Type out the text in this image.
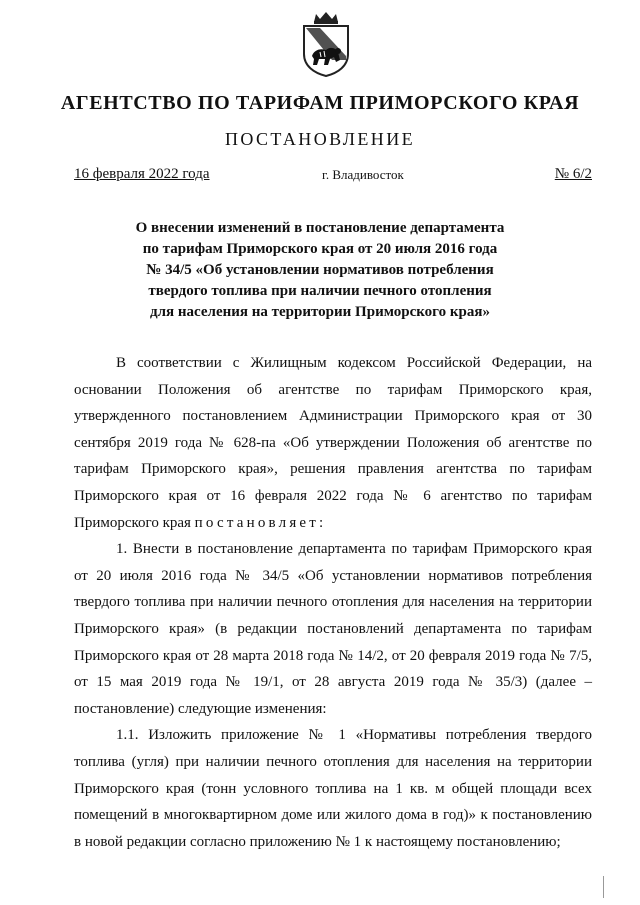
АГЕНТСТВО ПО ТАРИФАМ ПРИМОРСКОГО КРАЯ
ПОСТАНОВЛЕНИЕ
16 февраля 2022 года	г. Владивосток	№ 6/2
О внесении изменений в постановление департамента
по тарифам Приморского края от 20 июля 2016 года
№ 34/5 «Об установлении нормативов потребления
твердого топлива при наличии печного отопления
для населения на территории Приморского края»

В соответствии с Жилищным кодексом Российской Федерации, на основании Положения об агентстве по тарифам Приморского края, утвержденного постановлением Администрации Приморского края от 30 сентября 2019 года № 628-па «Об утверждении Положения об агентстве по тарифам Приморского края», решения правления агентства по тарифам Приморского края от 16 февраля 2022 года № 6 агентство по тарифам Приморского края постановляет:

1. Внести в постановление департамента по тарифам Приморского края от 20 июля 2016 года № 34/5 «Об установлении нормативов потребления твердого топлива при наличии печного отопления для населения на территории Приморского края» (в редакции постановлений департамента по тарифам Приморского края от 28 марта 2018 года № 14/2, от 20 февраля 2019 года № 7/5, от 15 мая 2019 года № 19/1, от 28 августа 2019 года № 35/3) (далее – постановление) следующие изменения:

1.1. Изложить приложение № 1 «Нормативы потребления твердого топлива (угля) при наличии печного отопления для населения на территории Приморского края (тонн условного топлива на 1 кв. м общей площади всех помещений в многоквартирном доме или жилого дома в год)» к постановлению в новой редакции согласно приложению № 1 к настоящему постановлению;
